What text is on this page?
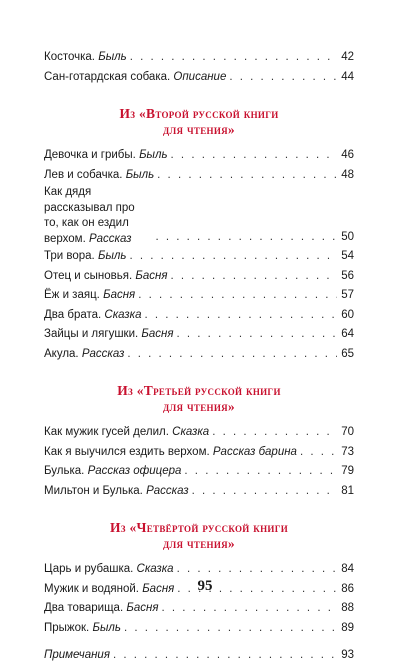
Косточка. Быль . . .	42
Сан-готардская собака. Описание . . .	44
Из «Второй русской книги
для чтения»
Девочка и грибы. Быль . . .	46
Лев и собачка. Быль . . .	48
Как дядя рассказывал про то, как он ездил верхом. Рассказ . . .	50
Три вора. Быль . . .	54
Отец и сыновья. Басня . . .	56
Ёж и заяц. Басня . . .	57
Два брата. Сказка . . .	60
Зайцы и лягушки. Басня . . .	64
Акула. Рассказ . . .	65
Из «Третьей русской книги
для чтения»
Как мужик гусей делил. Сказка . . .	70
Как я выучился ездить верхом. Рассказ барина . . .	73
Булька. Рассказ офицера . . .	79
Мильтон и Булька. Рассказ . . .	81
Из «Четвёртой русской книги
для чтения»
Царь и рубашка. Сказка . . .	84
Мужик и водяной. Басня . . .	86
Два товарища. Басня . . .	88
Прыжок. Быль . . .	89
Примечания . . .	93
95
